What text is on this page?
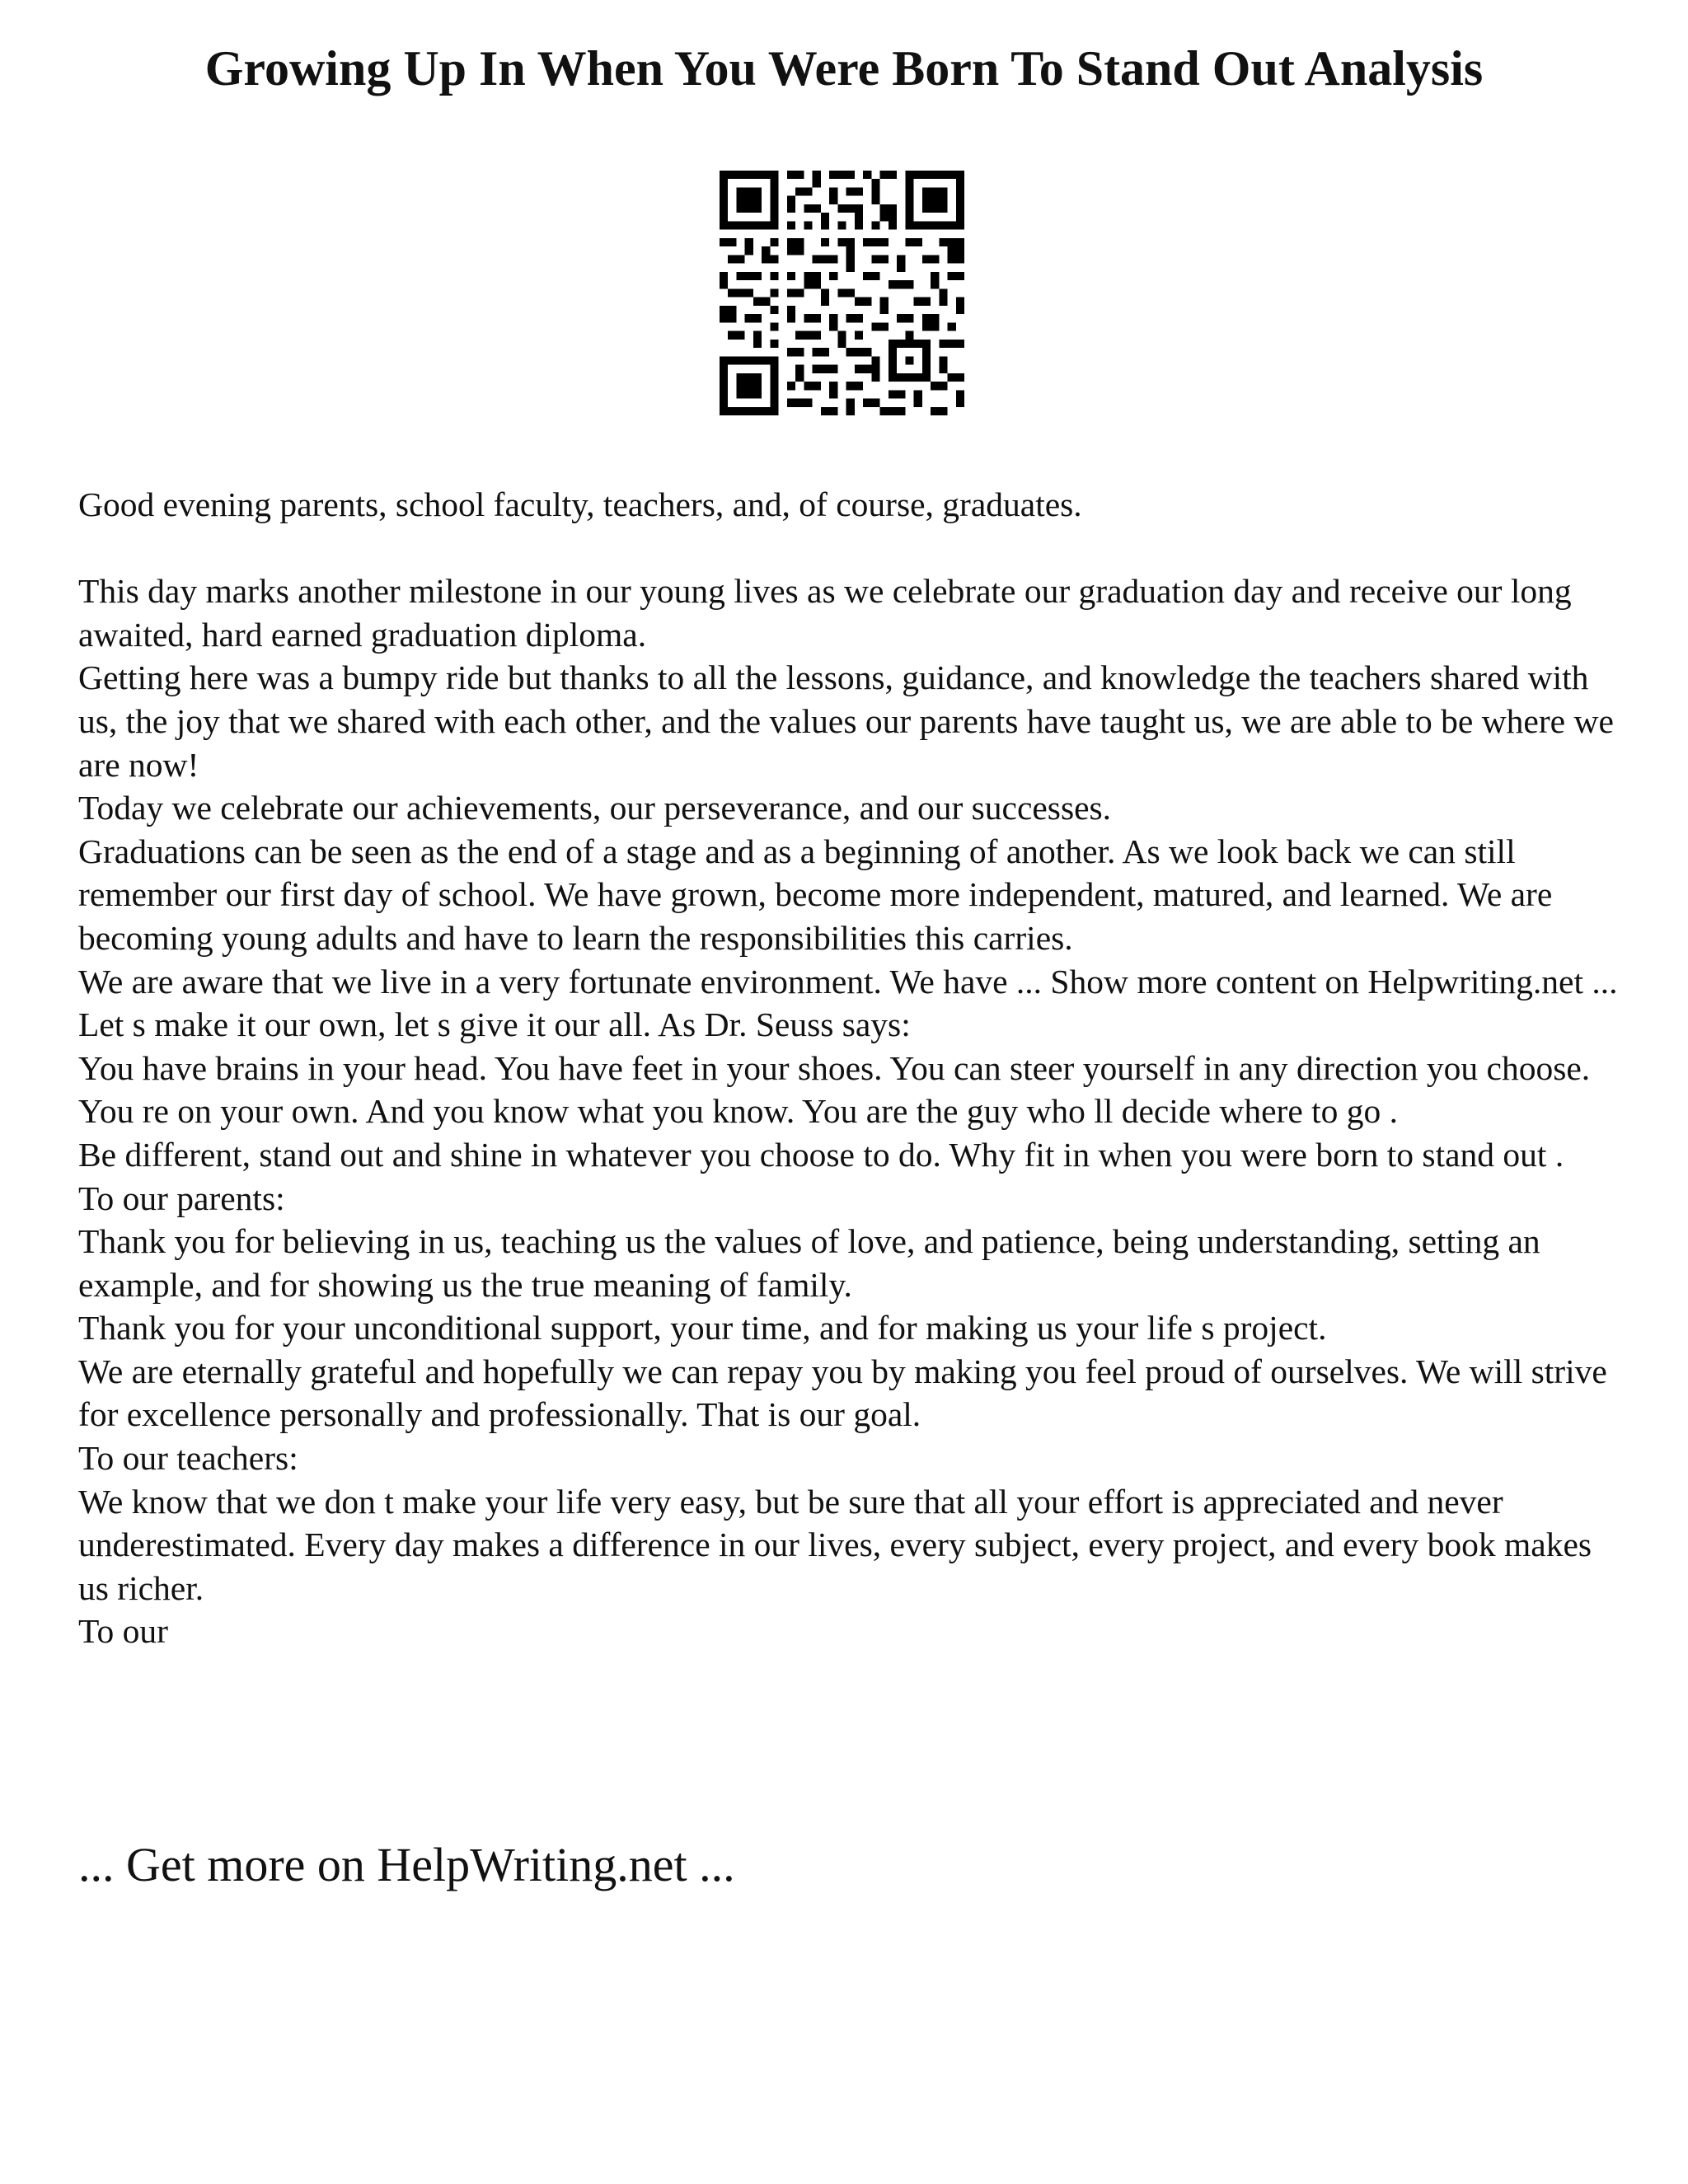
Growing Up In When You Were Born To Stand Out Analysis

Good evening parents, school faculty, teachers, and, of course, graduates.

This day marks another milestone in our young lives as we celebrate our graduation day and receive our long awaited, hard earned graduation diploma.

Getting here was a bumpy ride but thanks to all the lessons, guidance, and knowledge the teachers shared with us, the joy that we shared with each other, and the values our parents have taught us, we are able to be where we are now!

Today we celebrate our achievements, our perseverance, and our successes.

Graduations can be seen as the end of a stage and as a beginning of another. As we look back we can still remember our first day of school. We have grown, become more independent, matured, and learned. We are becoming young adults and have to learn the responsibilities this carries.

We are aware that we live in a very fortunate environment. We have ... Show more content on Helpwriting.net ...

Let s make it our own, let s give it our all. As Dr. Seuss says:

You have brains in your head. You have feet in your shoes. You can steer yourself in any direction you choose. You re on your own. And you know what you know. You are the guy who ll decide where to go .

Be different, stand out and shine in whatever you choose to do. Why fit in when you were born to stand out .

To our parents:

Thank you for believing in us, teaching us the values of love, and patience, being understanding, setting an example, and for showing us the true meaning of family.

Thank you for your unconditional support, your time, and for making us your life s project.

We are eternally grateful and hopefully we can repay you by making you feel proud of ourselves. We will strive for excellence personally and professionally. That is our goal.

To our teachers:

We know that we don t make your life very easy, but be sure that all your effort is appreciated and never underestimated. Every day makes a difference in our lives, every subject, every project, and every book makes us richer.

To our

... Get more on HelpWriting.net ...
